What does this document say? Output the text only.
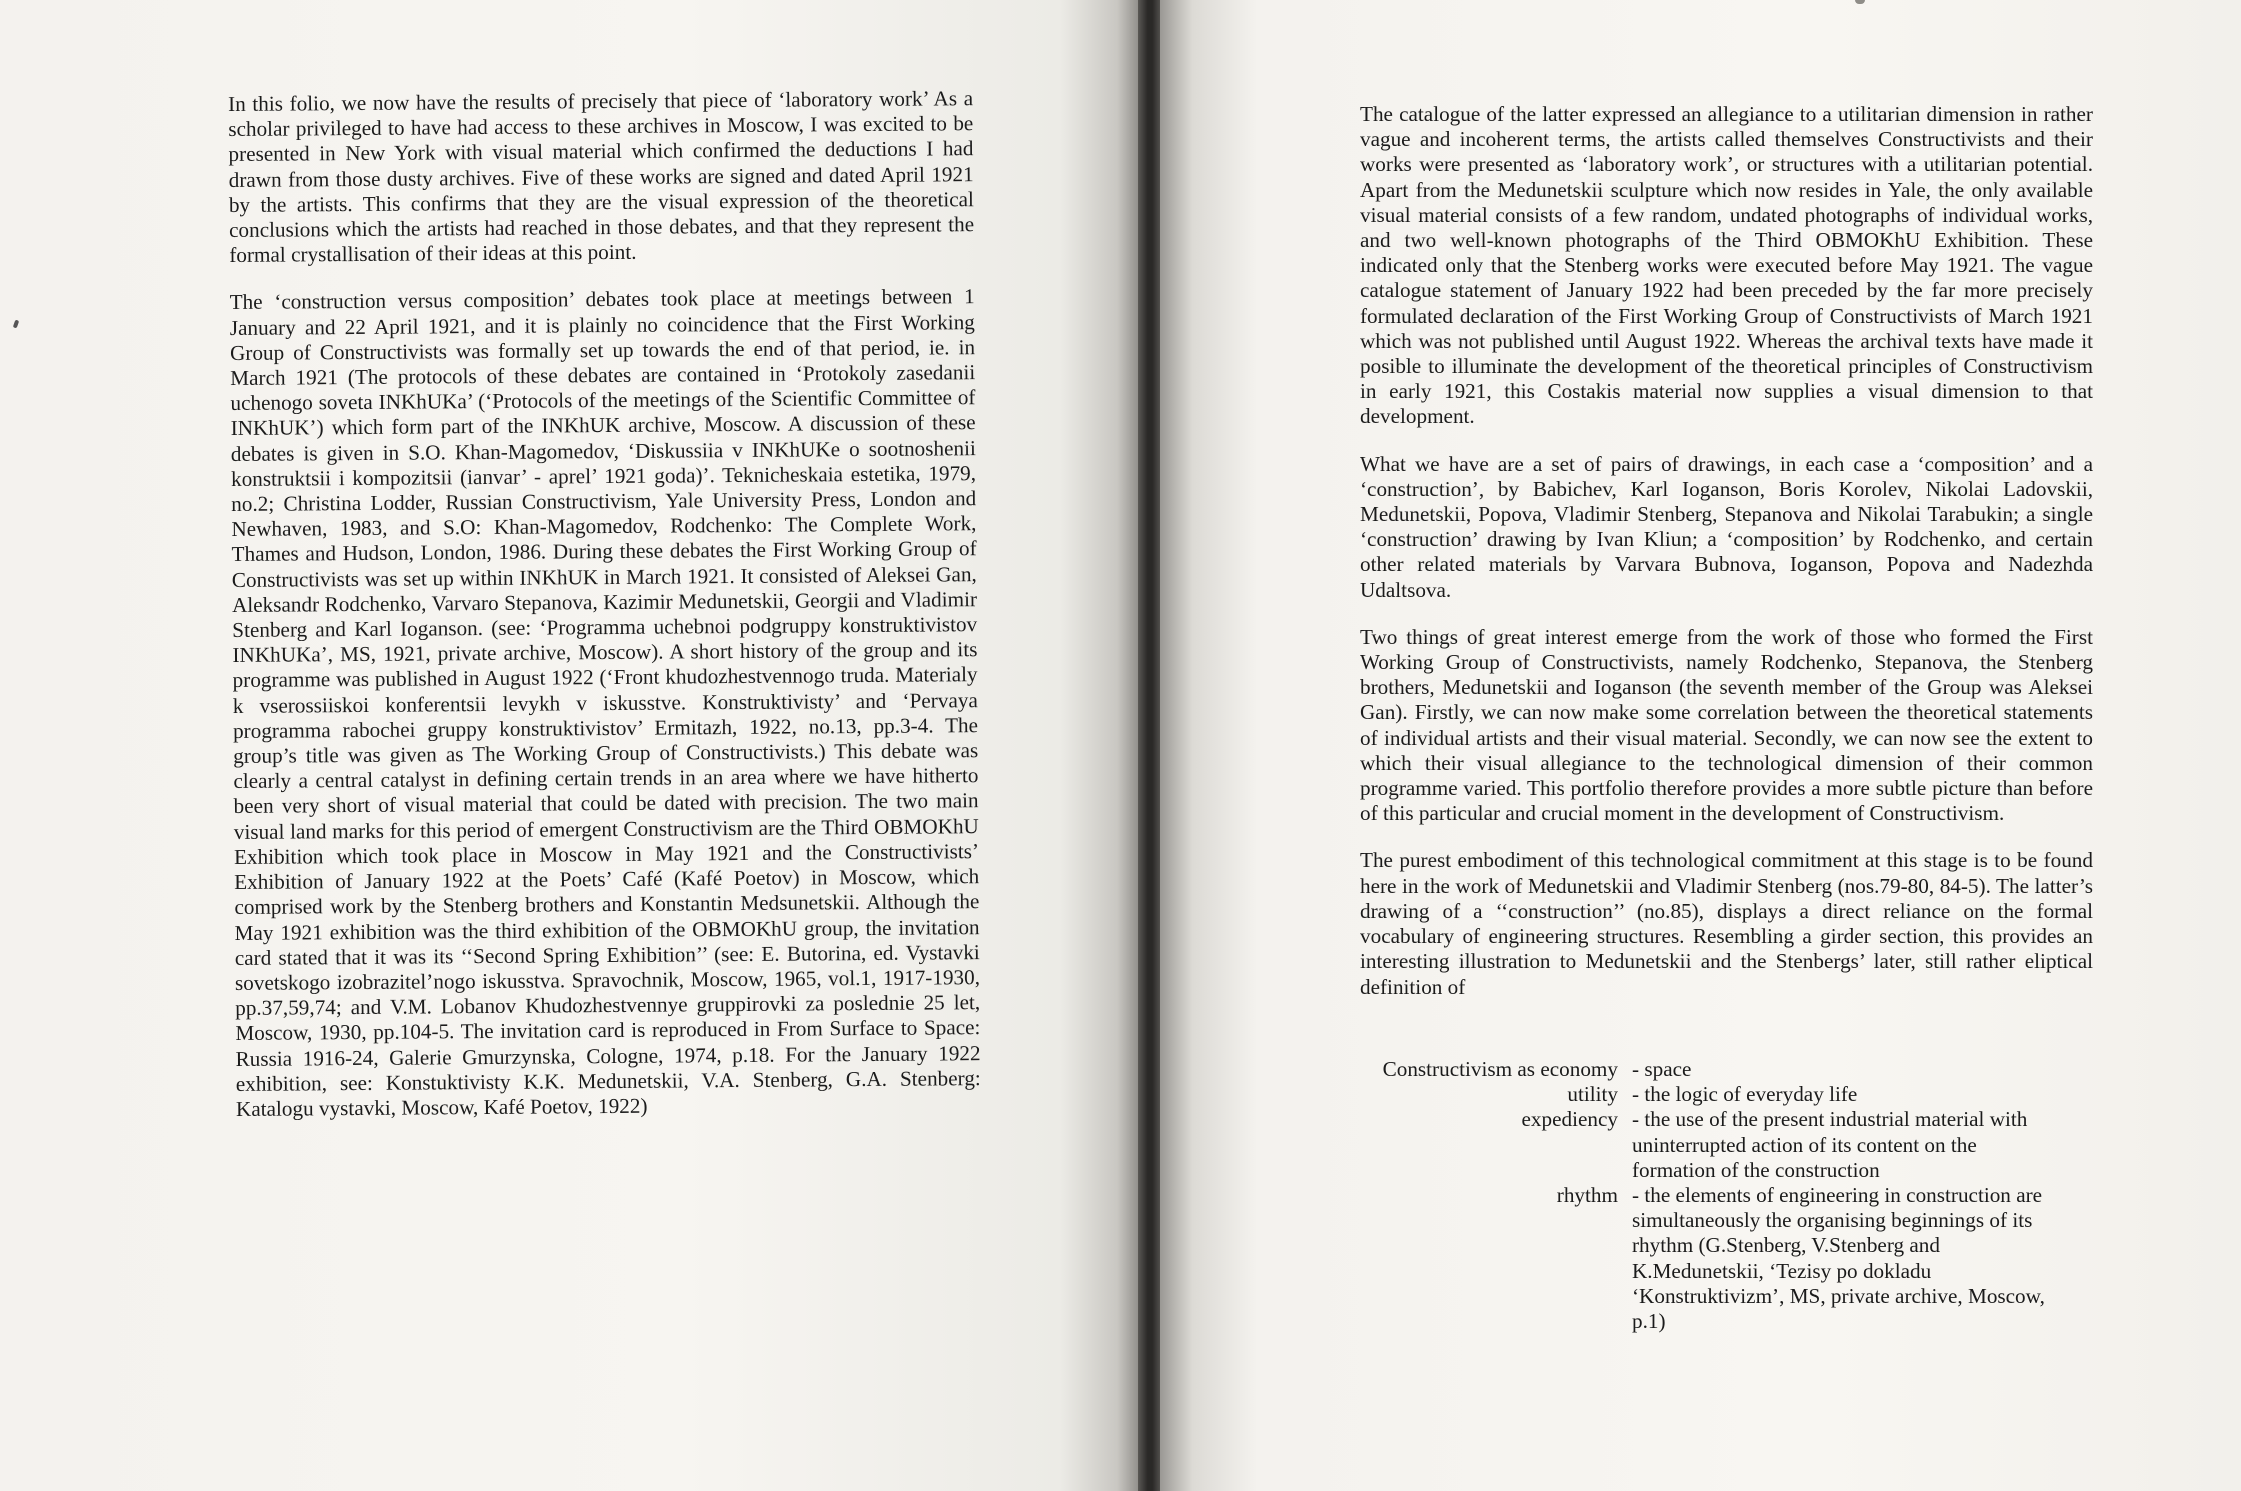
In this folio, we now have the results of precisely that piece of ‘laboratory work’ As a scholar privileged to have had access to these archives in Moscow, I was excited to be presented in New York with visual material which confirmed the deductions I had drawn from those dusty archives. Five of these works are signed and dated April 1921 by the artists. This confirms that they are the visual expression of the theoretical conclusions which the artists had reached in those debates, and that they represent the formal crystallisation of their ideas at this point.

The ‘construction versus composition’ debates took place at meetings between 1 January and 22 April 1921, and it is plainly no coincidence that the First Working Group of Constructivists was formally set up towards the end of that period, ie. in March 1921 (The protocols of these debates are contained in ‘Protokoly zasedanii uchenogo soveta INKhUKa’ (‘Protocols of the meetings of the Scientific Committee of INKhUK’) which form part of the INKhUK archive, Moscow. A discussion of these debates is given in S.O. Khan-Magomedov, ‘Diskussiia v INKhUKe o sootnoshenii konstruktsii i kompozitsii (ianvar’ - aprel’ 1921 goda)’. Teknicheskaia estetika, 1979, no.2; Christina Lodder, Russian Constructivism, Yale University Press, London and Newhaven, 1983, and S.O: Khan-Magomedov, Rodchenko: The Complete Work, Thames and Hudson, London, 1986. During these debates the First Working Group of Constructivists was set up within INKhUK in March 1921. It consisted of Aleksei Gan, Aleksandr Rodchenko, Varvaro Stepanova, Kazimir Medunetskii, Georgii and Vladimir Stenberg and Karl Ioganson. (see: ‘Programma uchebnoi podgruppy konstruktivistov INKhUKa’, MS, 1921, private archive, Moscow). A short history of the group and its programme was published in August 1922 (‘Front khudozhestvennogo truda. Materialy k vserossiiskoi konferentsii levykh v iskusstve. Konstruktivisty’ and ‘Pervaya programma rabochei gruppy konstruktivistov’ Ermitazh, 1922, no.13, pp.3-4. The group’s title was given as The Working Group of Constructivists.) This debate was clearly a central catalyst in defining certain trends in an area where we have hitherto been very short of visual material that could be dated with precision. The two main visual land marks for this period of emergent Constructivism are the Third OBMOKhU Exhibition which took place in Moscow in May 1921 and the Constructivists’ Exhibition of January 1922 at the Poets’ Café (Kafé Poetov) in Moscow, which comprised work by the Stenberg brothers and Konstantin Medsunetskii. Although the May 1921 exhibition was the third exhibition of the OBMOKhU group, the invitation card stated that it was its ‘‘Second Spring Exhibition’’ (see: E. Butorina, ed. Vystavki sovetskogo izobrazitel’nogo iskusstva. Spravochnik, Moscow, 1965, vol.1, 1917-1930, pp.37,59,74; and V.M. Lobanov Khudozhestvennye gruppirovki za poslednie 25 let, Moscow, 1930, pp.104-5. The invitation card is reproduced in From Surface to Space: Russia 1916-24, Galerie Gmurzynska, Cologne, 1974, p.18. For the January 1922 exhibition, see: Konstuktivisty K.K. Medunetskii, V.A. Stenberg, G.A. Stenberg: Katalogu vystavki, Moscow, Kafé Poetov, 1922)

The catalogue of the latter expressed an allegiance to a utilitarian dimension in rather vague and incoherent terms, the artists called themselves Constructivists and their works were presented as ‘laboratory work’, or structures with a utilitarian potential. Apart from the Medunetskii sculpture which now resides in Yale, the only available visual material consists of a few random, undated photographs of individual works, and two well-known photographs of the Third OBMOKhU Exhibition. These indicated only that the Stenberg works were executed before May 1921. The vague catalogue statement of January 1922 had been preceded by the far more precisely formulated declaration of the First Working Group of Constructivists of March 1921 which was not published until August 1922. Whereas the archival texts have made it posible to illuminate the development of the theoretical principles of Constructivism in early 1921, this Costakis material now supplies a visual dimension to that development.

What we have are a set of pairs of drawings, in each case a ‘composition’ and a ‘construction’, by Babichev, Karl Ioganson, Boris Korolev, Nikolai Ladovskii, Medunetskii, Popova, Vladimir Stenberg, Stepanova and Nikolai Tarabukin; a single ‘construction’ drawing by Ivan Kliun; a ‘composition’ by Rodchenko, and certain other related materials by Varvara Bubnova, Ioganson, Popova and Nadezhda Udaltsova.

Two things of great interest emerge from the work of those who formed the First Working Group of Constructivists, namely Rodchenko, Stepanova, the Stenberg brothers, Medunetskii and Ioganson (the seventh member of the Group was Aleksei Gan). Firstly, we can now make some correlation between the theoretical statements of individual artists and their visual material. Secondly, we can now see the extent to which their visual allegiance to the technological dimension of their common programme varied. This portfolio therefore provides a more subtle picture than before of this particular and crucial moment in the development of Constructivism.

The purest embodiment of this technological commitment at this stage is to be found here in the work of Medunetskii and Vladimir Stenberg (nos.79-80, 84-5). The latter’s drawing of a ‘‘construction’’ (no.85), displays a direct reliance on the formal vocabulary of engineering structures. Resembling a girder section, this provides an interesting illustration to Medunetskii and the Stenbergs’ later, still rather eliptical definition of

Constructivism as economy - space
utility - the logic of everyday life
expediency - the use of the present industrial material with uninterrupted action of its content on the formation of the construction
rhythm - the elements of engineering in construction are simultaneously the organising beginnings of its rhythm (G.Stenberg, V.Stenberg and K.Medunetskii, ‘Tezisy po dokladu ‘Konstruktivizm’, MS, private archive, Moscow, p.1)
